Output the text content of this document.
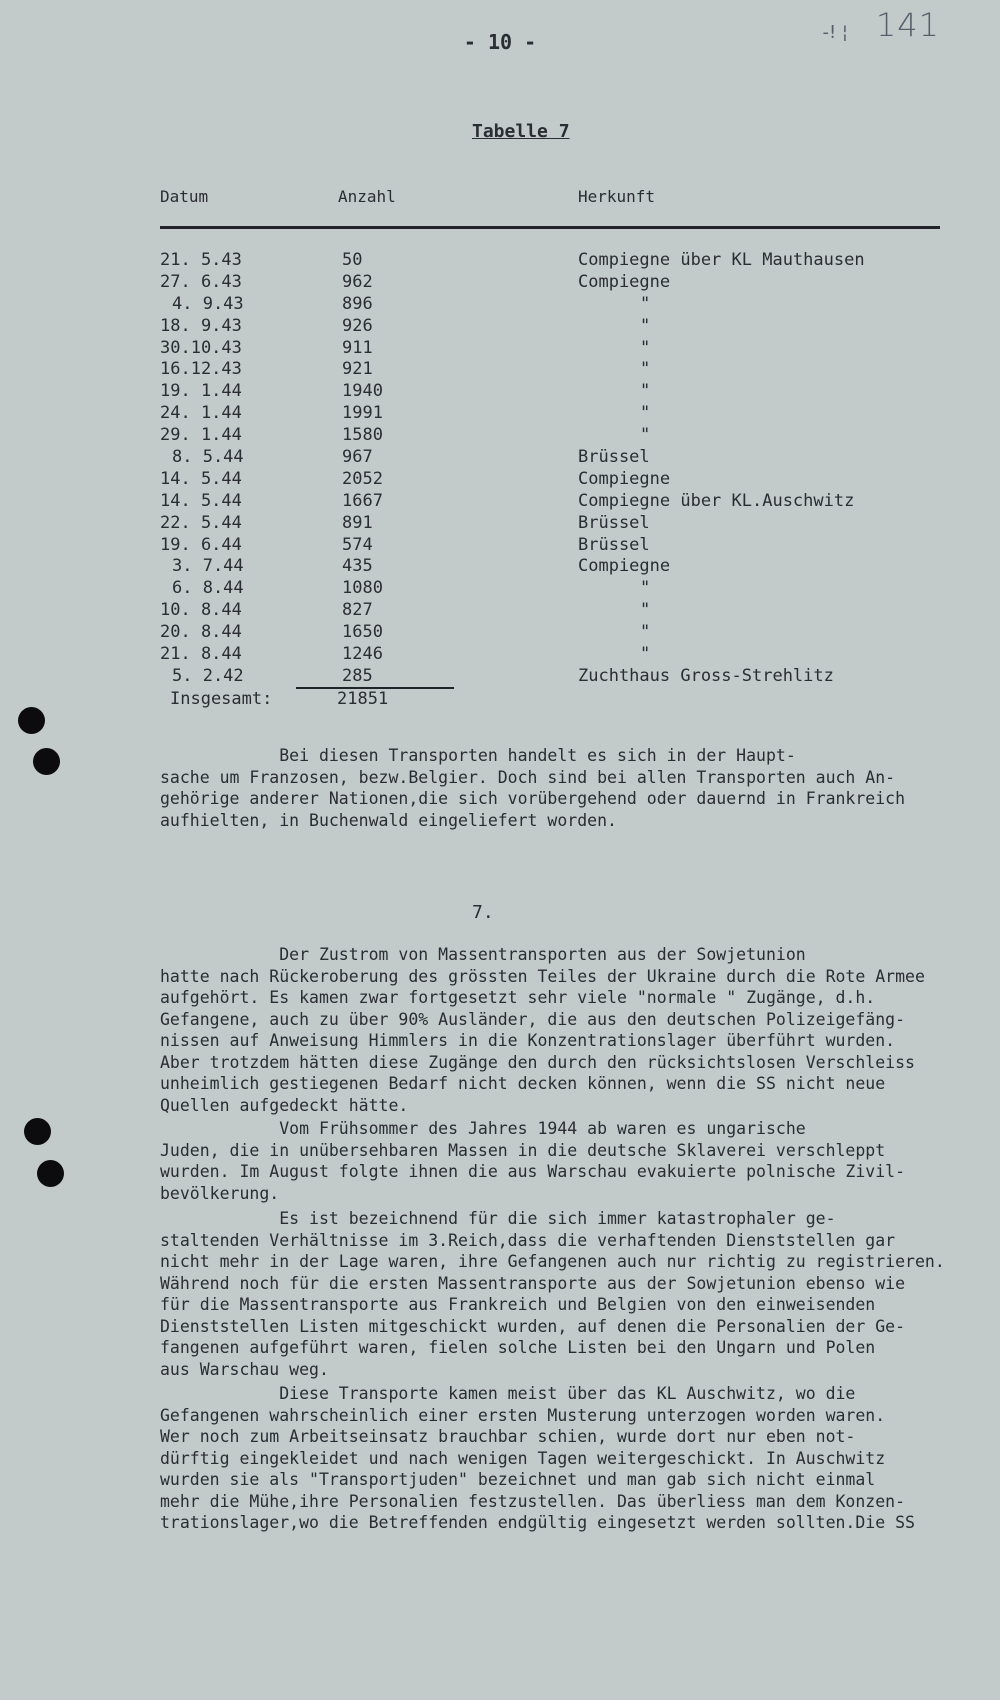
- 10 -	-! ¦ 141
Tabelle 7
Datum	Anzahl	Herkunft
21. 5.43	50	Compiegne über KL Mauthausen
27. 6.43	962	Compiegne
4. 9.43	896	"
18. 9.43	926	"
30.10.43	911	"
16.12.43	921	"
19. 1.44	1940	"
24. 1.44	1991	"
29. 1.44	1580	"
8. 5.44	967	Brüssel
14. 5.44	2052	Compiegne
14. 5.44	1667	Compiegne über KL.Auschwitz
22. 5.44	891	Brüssel
19. 6.44	574	Brüssel
3. 7.44	435	Compiegne
6. 8.44	1080	"
10. 8.44	827	"
20. 8.44	1650	"
21. 8.44	1246	"
5. 2.42	285	Zuchthaus Gross-Strehlitz
Insgesamt:	21851
Bei diesen Transporten handelt es sich in der Haupt-
sache um Franzosen, bezw.Belgier. Doch sind bei allen Transporten auch An-
gehörige anderer Nationen,die sich vorübergehend oder dauernd in Frankreich
aufhielten, in Buchenwald eingeliefert worden.
7.
Der Zustrom von Massentransporten aus der Sowjetunion
hatte nach Rückeroberung des grössten Teiles der Ukraine durch die Rote Armee
aufgehört. Es kamen zwar fortgesetzt sehr viele "normale " Zugänge, d.h.
Gefangene, auch zu über 90% Ausländer, die aus den deutschen Polizeigefäng-
nissen auf Anweisung Himmlers in die Konzentrationslager überführt wurden.
Aber trotzdem hätten diese Zugänge den durch den rücksichtslosen Verschleiss
unheimlich gestiegenen Bedarf nicht decken können, wenn die SS nicht neue
Quellen aufgedeckt hätte.
Vom Frühsommer des Jahres 1944 ab waren es ungarische
Juden, die in unübersehbaren Massen in die deutsche Sklaverei verschleppt
wurden. Im August folgte ihnen die aus Warschau evakuierte polnische Zivil-
bevölkerung.
Es ist bezeichnend für die sich immer katastrophaler ge-
staltenden Verhältnisse im 3.Reich,dass die verhaftenden Dienststellen gar
nicht mehr in der Lage waren, ihre Gefangenen auch nur richtig zu registrieren.
Während noch für die ersten Massentransporte aus der Sowjetunion ebenso wie
für die Massentransporte aus Frankreich und Belgien von den einweisenden
Dienststellen Listen mitgeschickt wurden, auf denen die Personalien der Ge-
fangenen aufgeführt waren, fielen solche Listen bei den Ungarn und Polen
aus Warschau weg.
Diese Transporte kamen meist über das KL Auschwitz, wo die
Gefangenen wahrscheinlich einer ersten Musterung unterzogen worden waren.
Wer noch zum Arbeitseinsatz brauchbar schien, wurde dort nur eben not-
dürftig eingekleidet und nach wenigen Tagen weitergeschickt. In Auschwitz
wurden sie als "Transportjuden" bezeichnet und man gab sich nicht einmal
mehr die Mühe,ihre Personalien festzustellen. Das überliess man dem Konzen-
trationslager,wo die Betreffenden endgültig eingesetzt werden sollten.Die SS
